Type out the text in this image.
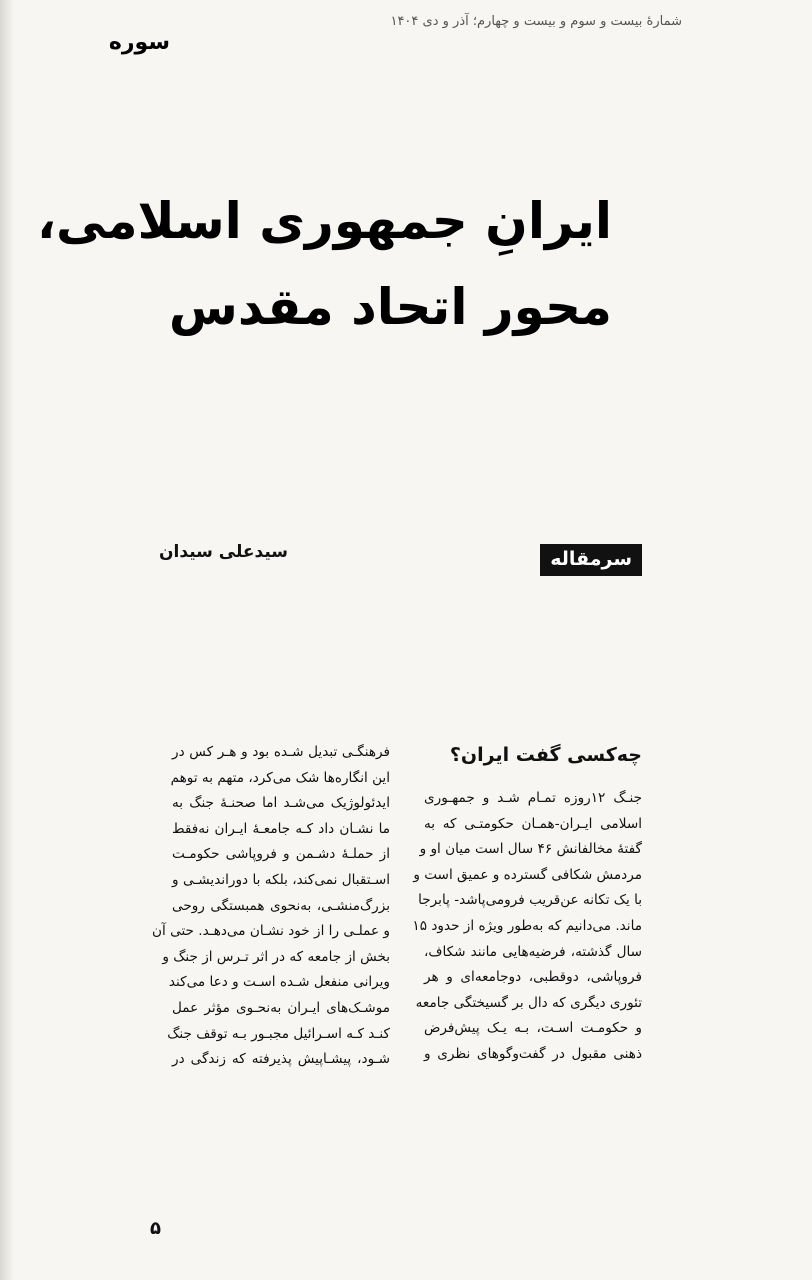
شمارهٔ بیست و سوم و بیست و چهارم؛ آذر و دی ۱۴۰۴
سوره
ایرانِ جمهوری اسلامی،
محور اتحاد مقدس
سرمقاله
سیدعلی سیدان
چه‌کسی گفت ایران؟
جنـگ ۱۲روزه تمـام شـد و جمهـوری
اسلامی ایـران-همـان حکومتـی که به
گفتهٔ مخالفانش ۴۶ سال است میان او و
مردمش شکافی گسترده و عمیق است و
با یک تکانه عن‌قریب فرومی‌پاشد- پابرجا
ماند. می‌دانیم که به‌طور ویژه از حدود ۱۵
سال گذشته، فرضیه‌هایی مانند شکاف،
فروپاشی، دوقطبی، دوجامعه‌ای و هر
تئوری دیگری که دال بر گسیختگی جامعه
و حکومـت اسـت، بـه یـک پیش‌فرض
ذهنی مقبول در گفت‌وگوهای نظری و
فرهنگـی تبدیل شـده بود و هـر کس در
این انگاره‌ها شک می‌کرد، متهم به توهم
ایدئولوژیک می‌شـد اما صحنـهٔ جنگ به
ما نشـان داد کـه جامعـهٔ ایـران نه‌فقط
از حملـهٔ دشـمن و فروپاشی حکومـت
اسـتقبال نمی‌کند، بلکه با دوراندیشـی و
بزرگ‌منشـی، به‌نحوی همبستگی روحی
و عملـی را از خود نشـان می‌دهـد. حتی آن
بخش از جامعه که در اثر تـرس از جنگ و
ویرانی منفعل شـده اسـت و دعا می‌کند
موشـک‌های ایـران به‌نحـوی مؤثر عمل
کنـد کـه اسـرائیل مجبـور بـه توقف جنگ
شـود، پیشـاپیش پذیرفته که زندگی در
۵
